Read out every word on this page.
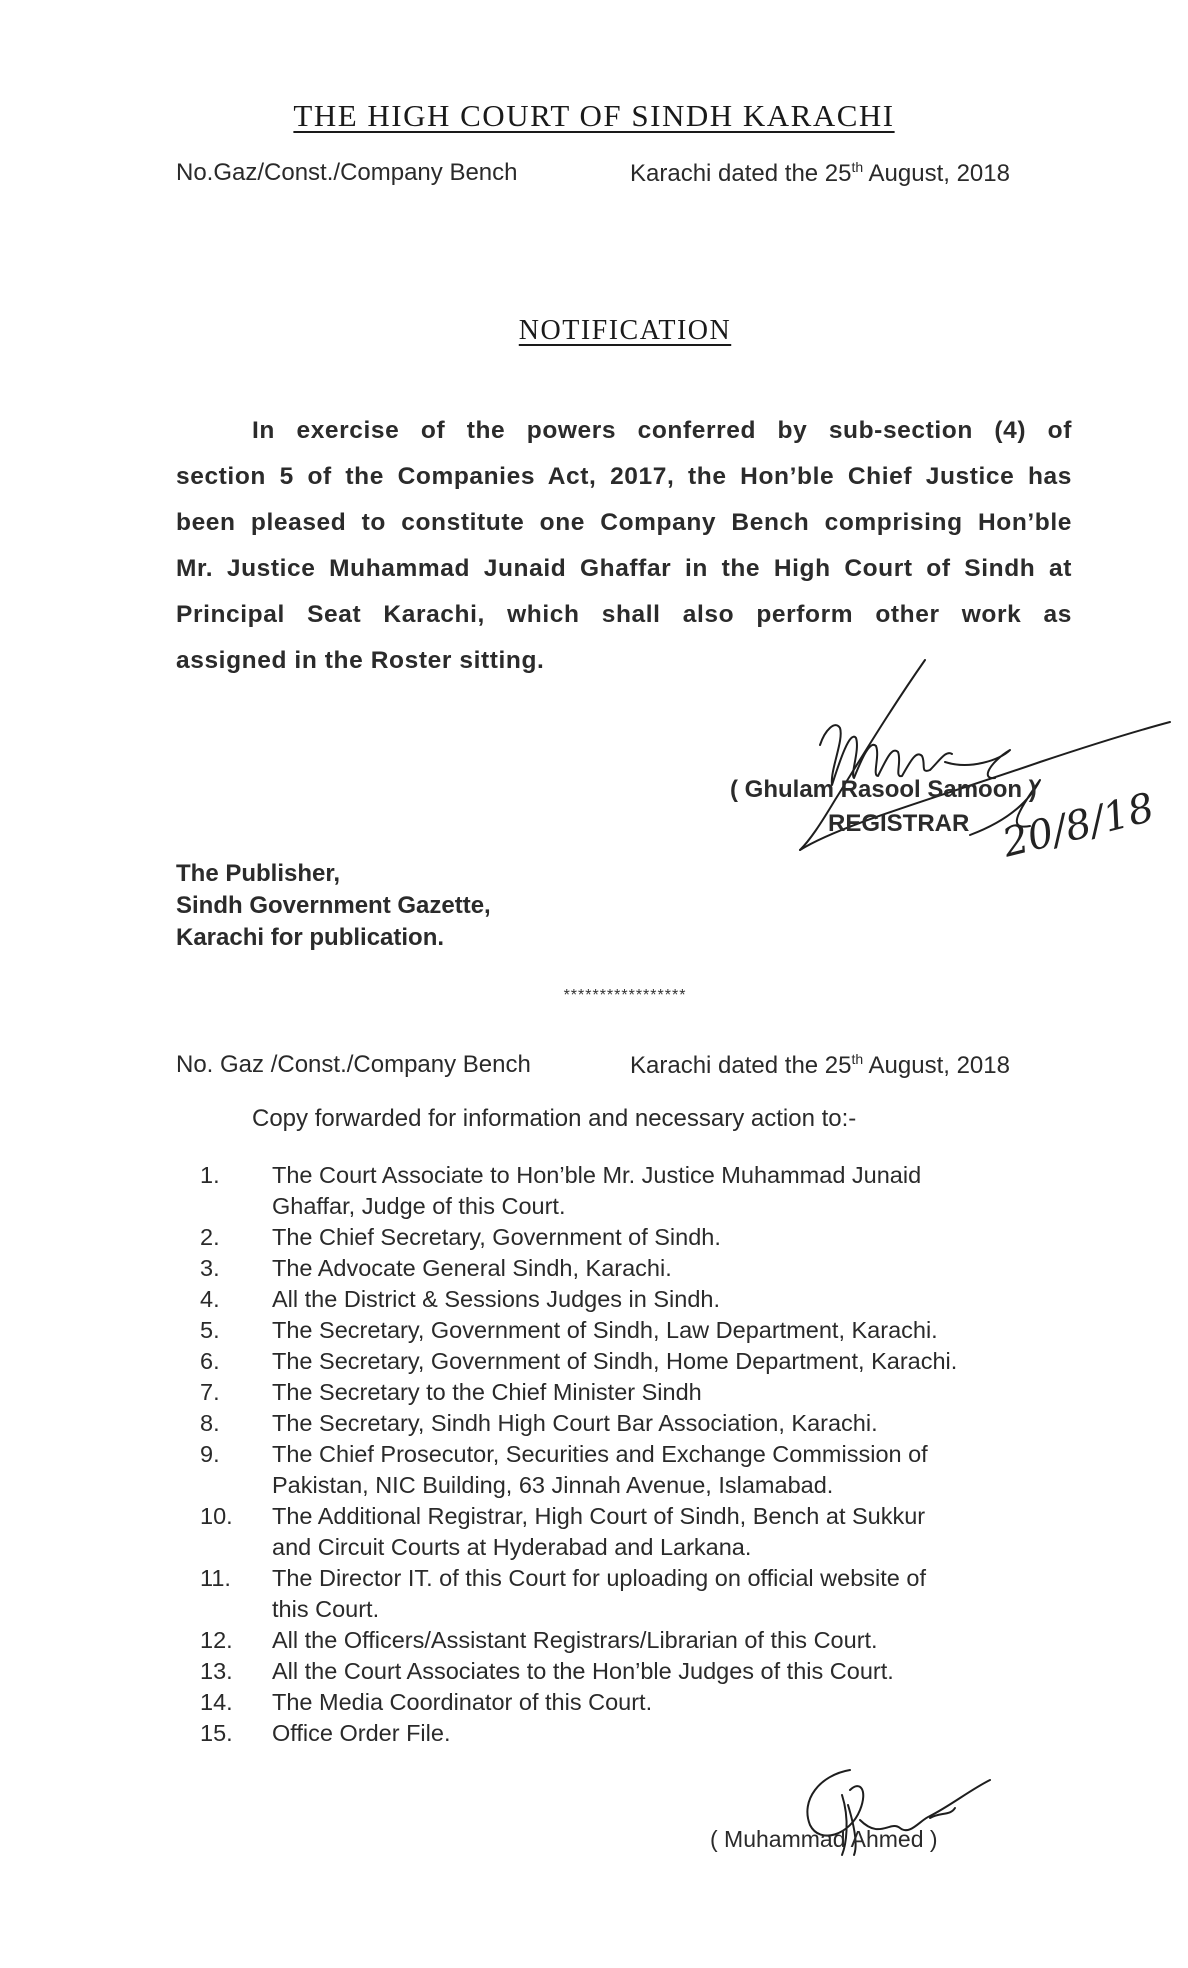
THE HIGH COURT OF SINDH KARACHI
No.Gaz/Const./Company Bench	Karachi dated the 25th August, 2018
NOTIFICATION
In exercise of the powers conferred by sub-section (4) of
section 5 of the Companies Act, 2017, the Hon’ble Chief Justice has
been pleased to constitute one Company Bench comprising Hon’ble
Mr. Justice Muhammad Junaid Ghaffar in the High Court of Sindh at
Principal Seat Karachi, which shall also perform other work as
assigned in the Roster sitting.
( Ghulam Rasool Samoon )
REGISTRAR 20/8/18
The Publisher,
Sindh Government Gazette,
Karachi for publication.
*****************
No. Gaz /Const./Company Bench	Karachi dated the 25th August, 2018
Copy forwarded for information and necessary action to:-
1. The Court Associate to Hon’ble Mr. Justice Muhammad Junaid
Ghaffar, Judge of this Court.
2. The Chief Secretary, Government of Sindh.
3. The Advocate General Sindh, Karachi.
4. All the District & Sessions Judges in Sindh.
5. The Secretary, Government of Sindh, Law Department, Karachi.
6. The Secretary, Government of Sindh, Home Department, Karachi.
7. The Secretary to the Chief Minister Sindh
8. The Secretary, Sindh High Court Bar Association, Karachi.
9. The Chief Prosecutor, Securities and Exchange Commission of
Pakistan, NIC Building, 63 Jinnah Avenue, Islamabad.
10. The Additional Registrar, High Court of Sindh, Bench at Sukkur
and Circuit Courts at Hyderabad and Larkana.
11. The Director IT. of this Court for uploading on official website of
this Court.
12. All the Officers/Assistant Registrars/Librarian of this Court.
13. All the Court Associates to the Hon’ble Judges of this Court.
14. The Media Coordinator of this Court.
15. Office Order File.
( Muhammad Ahmed )
